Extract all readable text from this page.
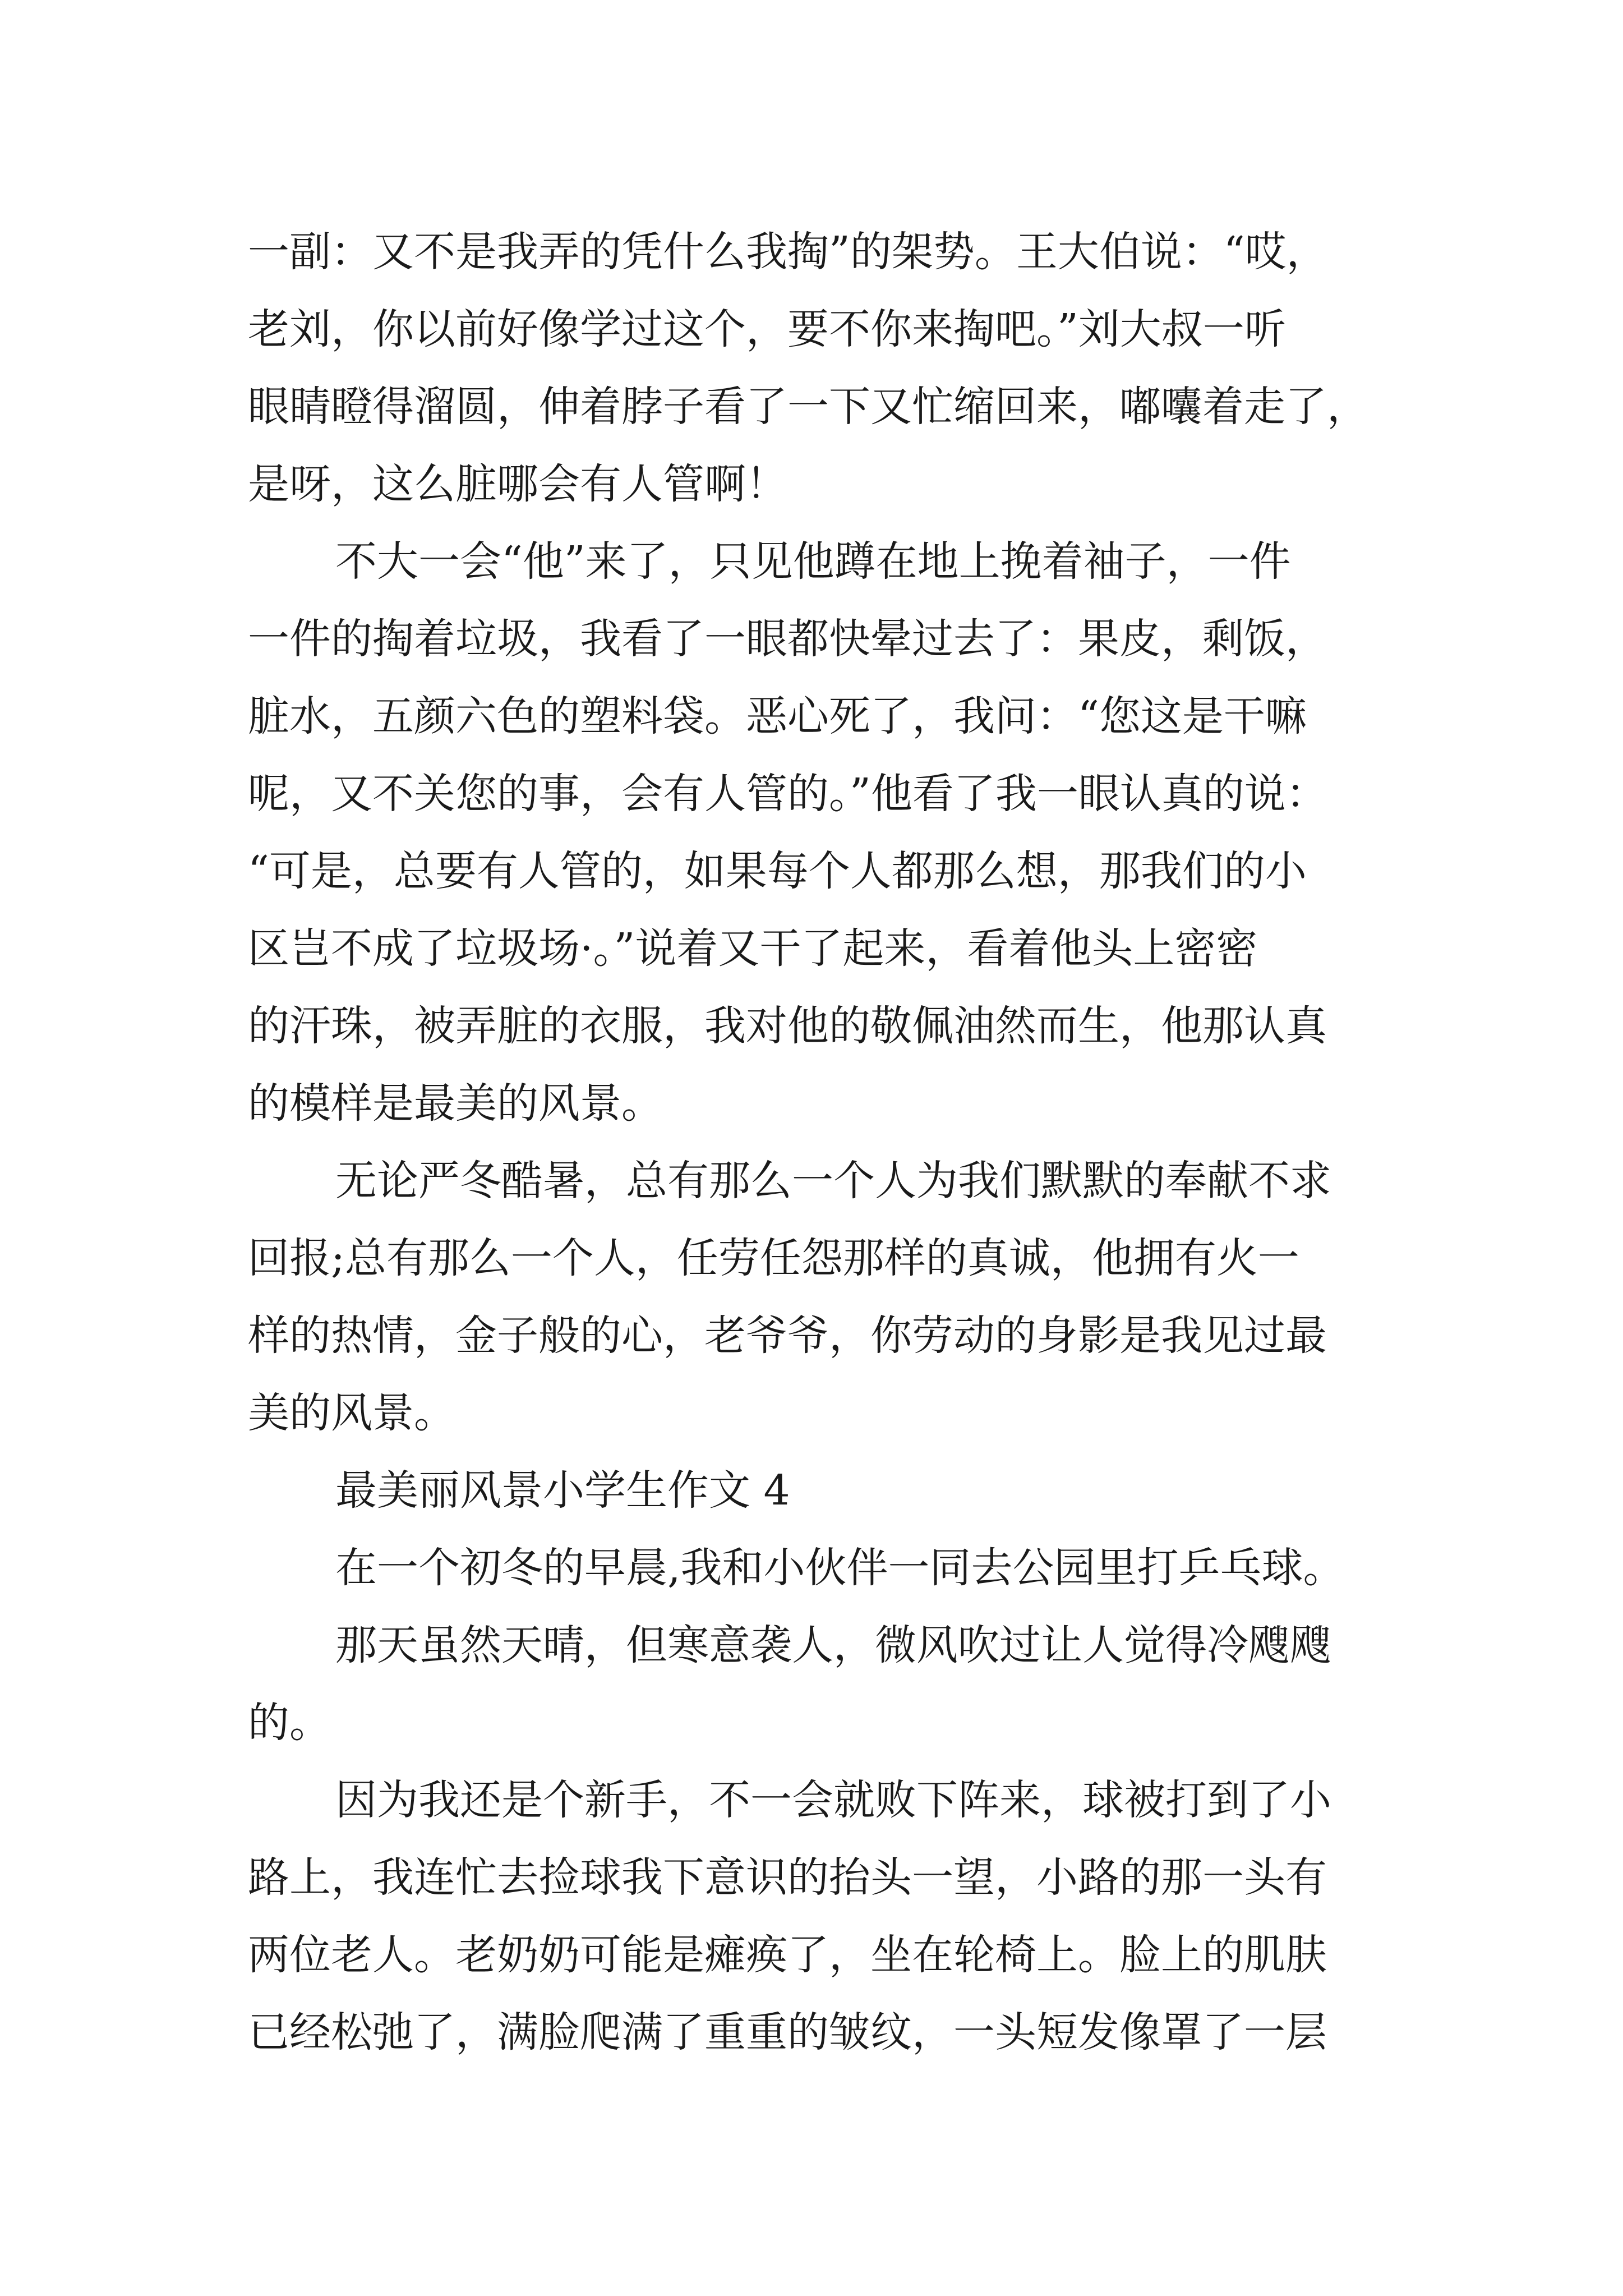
一副：又不是我弄的凭什么我掏”的架势。王大伯说：“哎，
老刘，你以前好像学过这个，要不你来掏吧。”刘大叔一听
眼睛瞪得溜圆，伸着脖子看了一下又忙缩回来，嘟囔着走了，
是呀，这么脏哪会有人管啊！
不大一会“他”来了，只见他蹲在地上挽着袖子，一件
一件的掏着垃圾，我看了一眼都快晕过去了：果皮，剩饭，
脏水，五颜六色的塑料袋。恶心死了，我问：“您这是干嘛
呢，又不关您的事，会有人管的。”他看了我一眼认真的说：
“可是，总要有人管的，如果每个人都那么想，那我们的小
区岂不成了垃圾场·。”说着又干了起来，看着他头上密密
的汗珠，被弄脏的衣服，我对他的敬佩油然而生，他那认真
的模样是最美的风景。
无论严冬酷暑，总有那么一个人为我们默默的奉献不求
回报;总有那么一个人，任劳任怨那样的真诚，他拥有火一
样的热情，金子般的心，老爷爷，你劳动的身影是我见过最
美的风景。
最美丽风景小学生作文 4
在一个初冬的早晨,我和小伙伴一同去公园里打乒乓球。
那天虽然天晴，但寒意袭人，微风吹过让人觉得冷飕飕
的。
因为我还是个新手，不一会就败下阵来，球被打到了小
路上，我连忙去捡球我下意识的抬头一望，小路的那一头有
两位老人。老奶奶可能是瘫痪了，坐在轮椅上。脸上的肌肤
已经松弛了，满脸爬满了重重的皱纹，一头短发像罩了一层
